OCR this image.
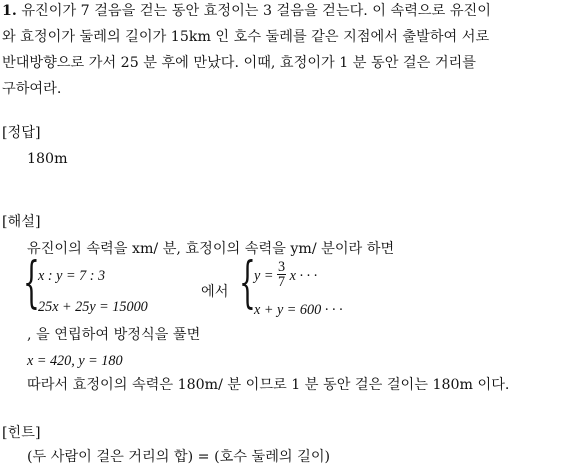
1. 유진이가 7 걸음을 걷는 동안 효정이는 3 걸음을 걷는다. 이 속력으로 유진이
와 효정이가 둘레의 길이가 15km 인 호수 둘레를 같은 지점에서 출발하여 서로
반대방향으로 가서 25 분 후에 만났다. 이때, 효정이가 1 분 동안 걸은 거리를
구하여라.
[정답]
180m
[해설]
유진이의 속력을 xm/ 분, 효정이의 속력을 ym/ 분이라 하면
{
x : y = 7 : 3
25x + 25y = 15000
에서 {
$y = \frac{3}{7}$ x · · ·
x + y = 600 · · ·
, 을 연립하여 방정식을 풀면
x = 420, y = 180
따라서 효정이의 속력은 180m/ 분 이므로 1 분 동안 걸은 걸이는 180m 이다.
[힌트]
(두 사람이 걸은 거리의 합) = (호수 둘레의 길이)
